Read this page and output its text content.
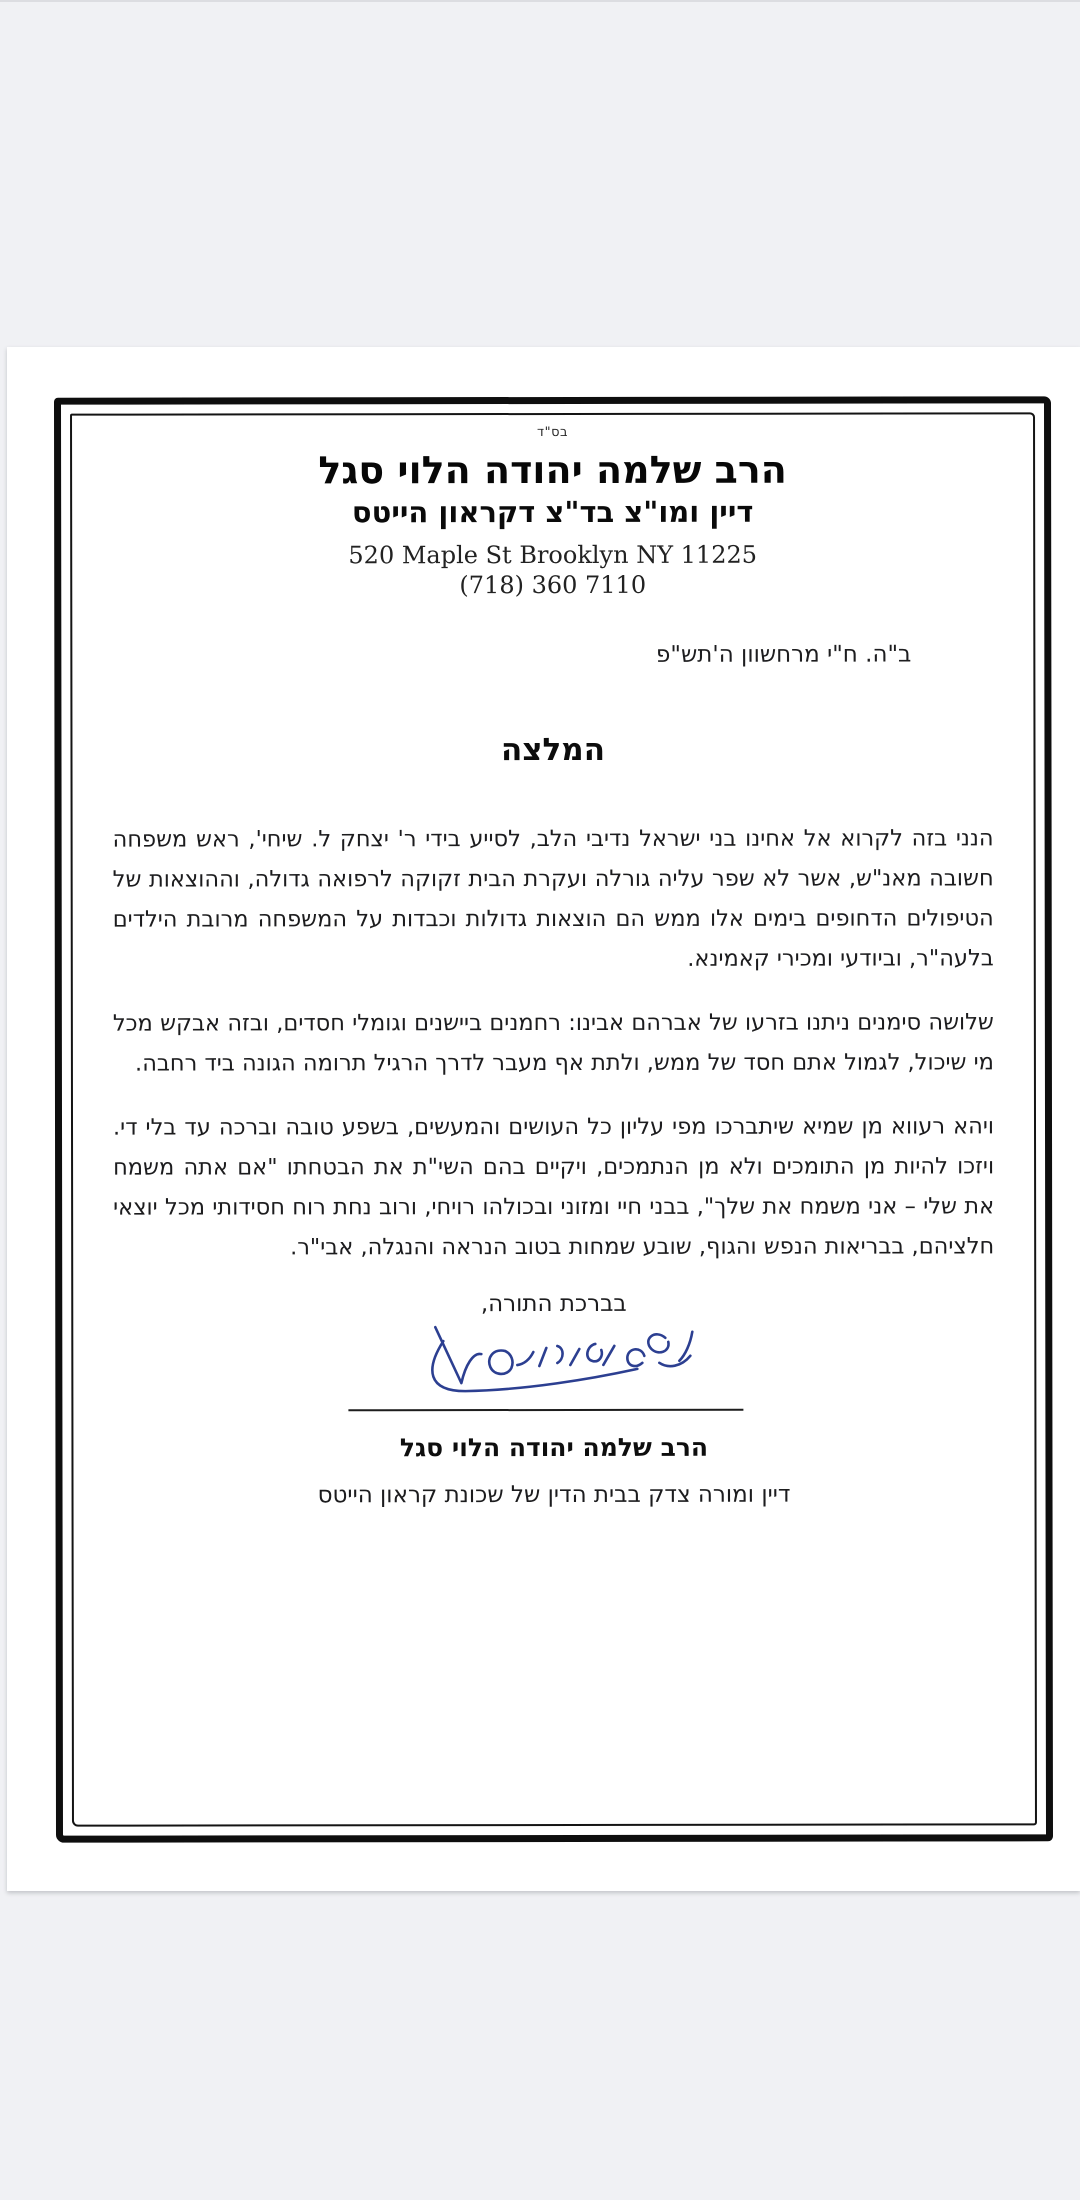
בס"ד
הרב שלמה יהודה הלוי סגל
דיין ומו"צ בד"צ דקראון הייטס
520 Maple St Brooklyn NY 11225
(718) 360 7110
ב"ה. ח"י מרחשוון ה'תש"פ
המלצה

הנני בזה לקרוא אל אחינו בני ישראל נדיבי הלב, לסייע בידי ר' יצחק ל. שיחי', ראש משפחה חשובה מאנ"ש, אשר לא שפר עליה גורלה ועקרת הבית זקוקה לרפואה גדולה, וההוצאות של הטיפולים הדחופים בימים אלו ממש הם הוצאות גדולות וכבדות על המשפחה מרובת הילדים בלעה"ר, וביודעי ומכירי קאמינא.

שלושה סימנים ניתנו בזרעו של אברהם אבינו: רחמנים ביישנים וגומלי חסדים, ובזה אבקש מכל מי שיכול, לגמול אתם חסד של ממש, ולתת אף מעבר לדרך הרגיל תרומה הגונה ביד רחבה.

ויהא רעווא מן שמיא שיתברכו מפי עליון כל העושים והמעשים, בשפע טובה וברכה עד בלי די. ויזכו להיות מן התומכים ולא מן הנתמכים, ויקיים בהם השי"ת את הבטחתו "אם אתה משמח את שלי – אני משמח את שלך", בבני חיי ומזוני ובכולהו רויחי, ורוב נחת רוח חסידותי מכל יוצאי חלציהם, בבריאות הנפש והגוף, שובע שמחות בטוב הנראה והנגלה, אבי"ר.

בברכת התורה,
הרב שלמה יהודה הלוי סגל
דיין ומורה צדק בבית הדין של שכונת קראון הייטס
